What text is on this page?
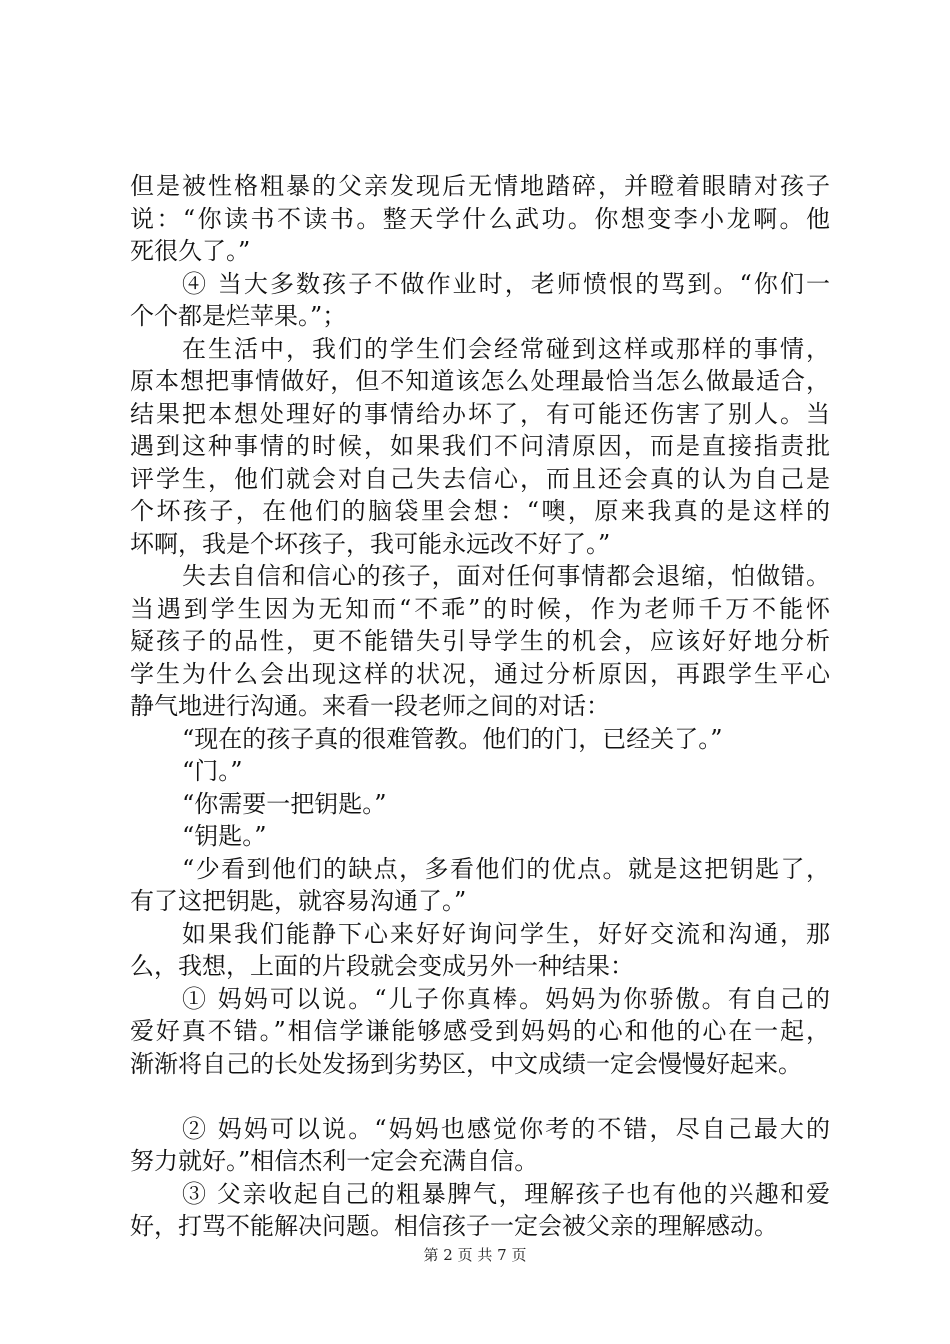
但是被性格粗暴的父亲发现后无情地踏碎，并瞪着眼睛对孩子
说：“你读书不读书。整天学什么武功。你想变李小龙啊。他
死很久了。”
④ 当大多数孩子不做作业时，老师愤恨的骂到。“你们一
个个都是烂苹果。”；
在生活中，我们的学生们会经常碰到这样或那样的事情，
原本想把事情做好，但不知道该怎么处理最恰当怎么做最适合，
结果把本想处理好的事情给办坏了，有可能还伤害了别人。当
遇到这种事情的时候，如果我们不问清原因，而是直接指责批
评学生，他们就会对自己失去信心，而且还会真的认为自己是
个坏孩子，在他们的脑袋里会想：“噢，原来我真的是这样的
坏啊，我是个坏孩子，我可能永远改不好了。”
失去自信和信心的孩子，面对任何事情都会退缩，怕做错。
当遇到学生因为无知而“不乖”的时候，作为老师千万不能怀
疑孩子的品性，更不能错失引导学生的机会，应该好好地分析
学生为什么会出现这样的状况，通过分析原因，再跟学生平心
静气地进行沟通。来看一段老师之间的对话：
“现在的孩子真的很难管教。他们的门，已经关了。”
“门。”
“你需要一把钥匙。”
“钥匙。”
“少看到他们的缺点，多看他们的优点。就是这把钥匙了，
有了这把钥匙，就容易沟通了。”
如果我们能静下心来好好询问学生，好好交流和沟通，那
么，我想，上面的片段就会变成另外一种结果：
① 妈妈可以说。“儿子你真棒。妈妈为你骄傲。有自己的
爱好真不错。”相信学谦能够感受到妈妈的心和他的心在一起，
渐渐将自己的长处发扬到劣势区，中文成绩一定会慢慢好起来。
② 妈妈可以说。“妈妈也感觉你考的不错，尽自己最大的
努力就好。”相信杰利一定会充满自信。
③ 父亲收起自己的粗暴脾气，理解孩子也有他的兴趣和爱
好，打骂不能解决问题。相信孩子一定会被父亲的理解感动。
第 2 页 共 7 页
